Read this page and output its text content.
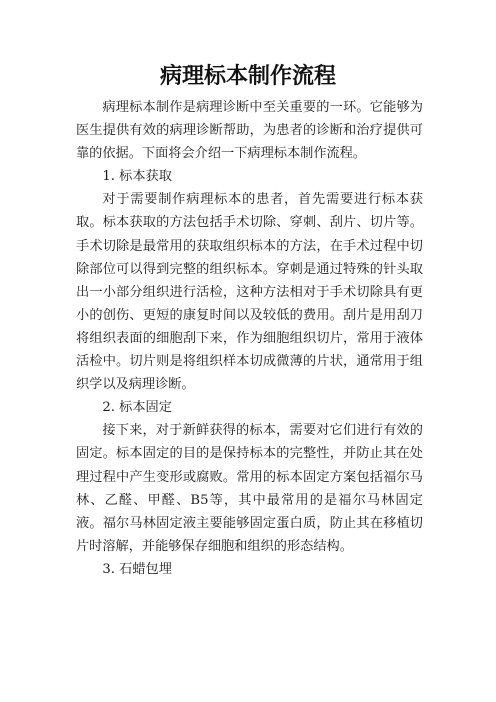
病理标本制作流程

病理标本制作是病理诊断中至关重要的一环。它能够为医生提供有效的病理诊断帮助，为患者的诊断和治疗提供可靠的依据。下面将会介绍一下病理标本制作流程。

1. 标本获取

对于需要制作病理标本的患者，首先需要进行标本获取。标本获取的方法包括手术切除、穿刺、刮片、切片等。手术切除是最常用的获取组织标本的方法，在手术过程中切除部位可以得到完整的组织标本。穿刺是通过特殊的针头取出一小部分组织进行活检，这种方法相对于手术切除具有更小的创伤、更短的康复时间以及较低的费用。刮片是用刮刀将组织表面的细胞刮下来，作为细胞组织切片，常用于液体活检中。切片则是将组织样本切成微薄的片状，通常用于组织学以及病理诊断。

2. 标本固定

接下来，对于新鲜获得的标本，需要对它们进行有效的固定。标本固定的目的是保持标本的完整性，并防止其在处理过程中产生变形或腐败。常用的标本固定方案包括福尔马林、乙醛、甲醛、B5等，其中最常用的是福尔马林固定液。福尔马林固定液主要能够固定蛋白质，防止其在移植切片时溶解，并能够保存细胞和组织的形态结构。

3. 石蜡包埋
